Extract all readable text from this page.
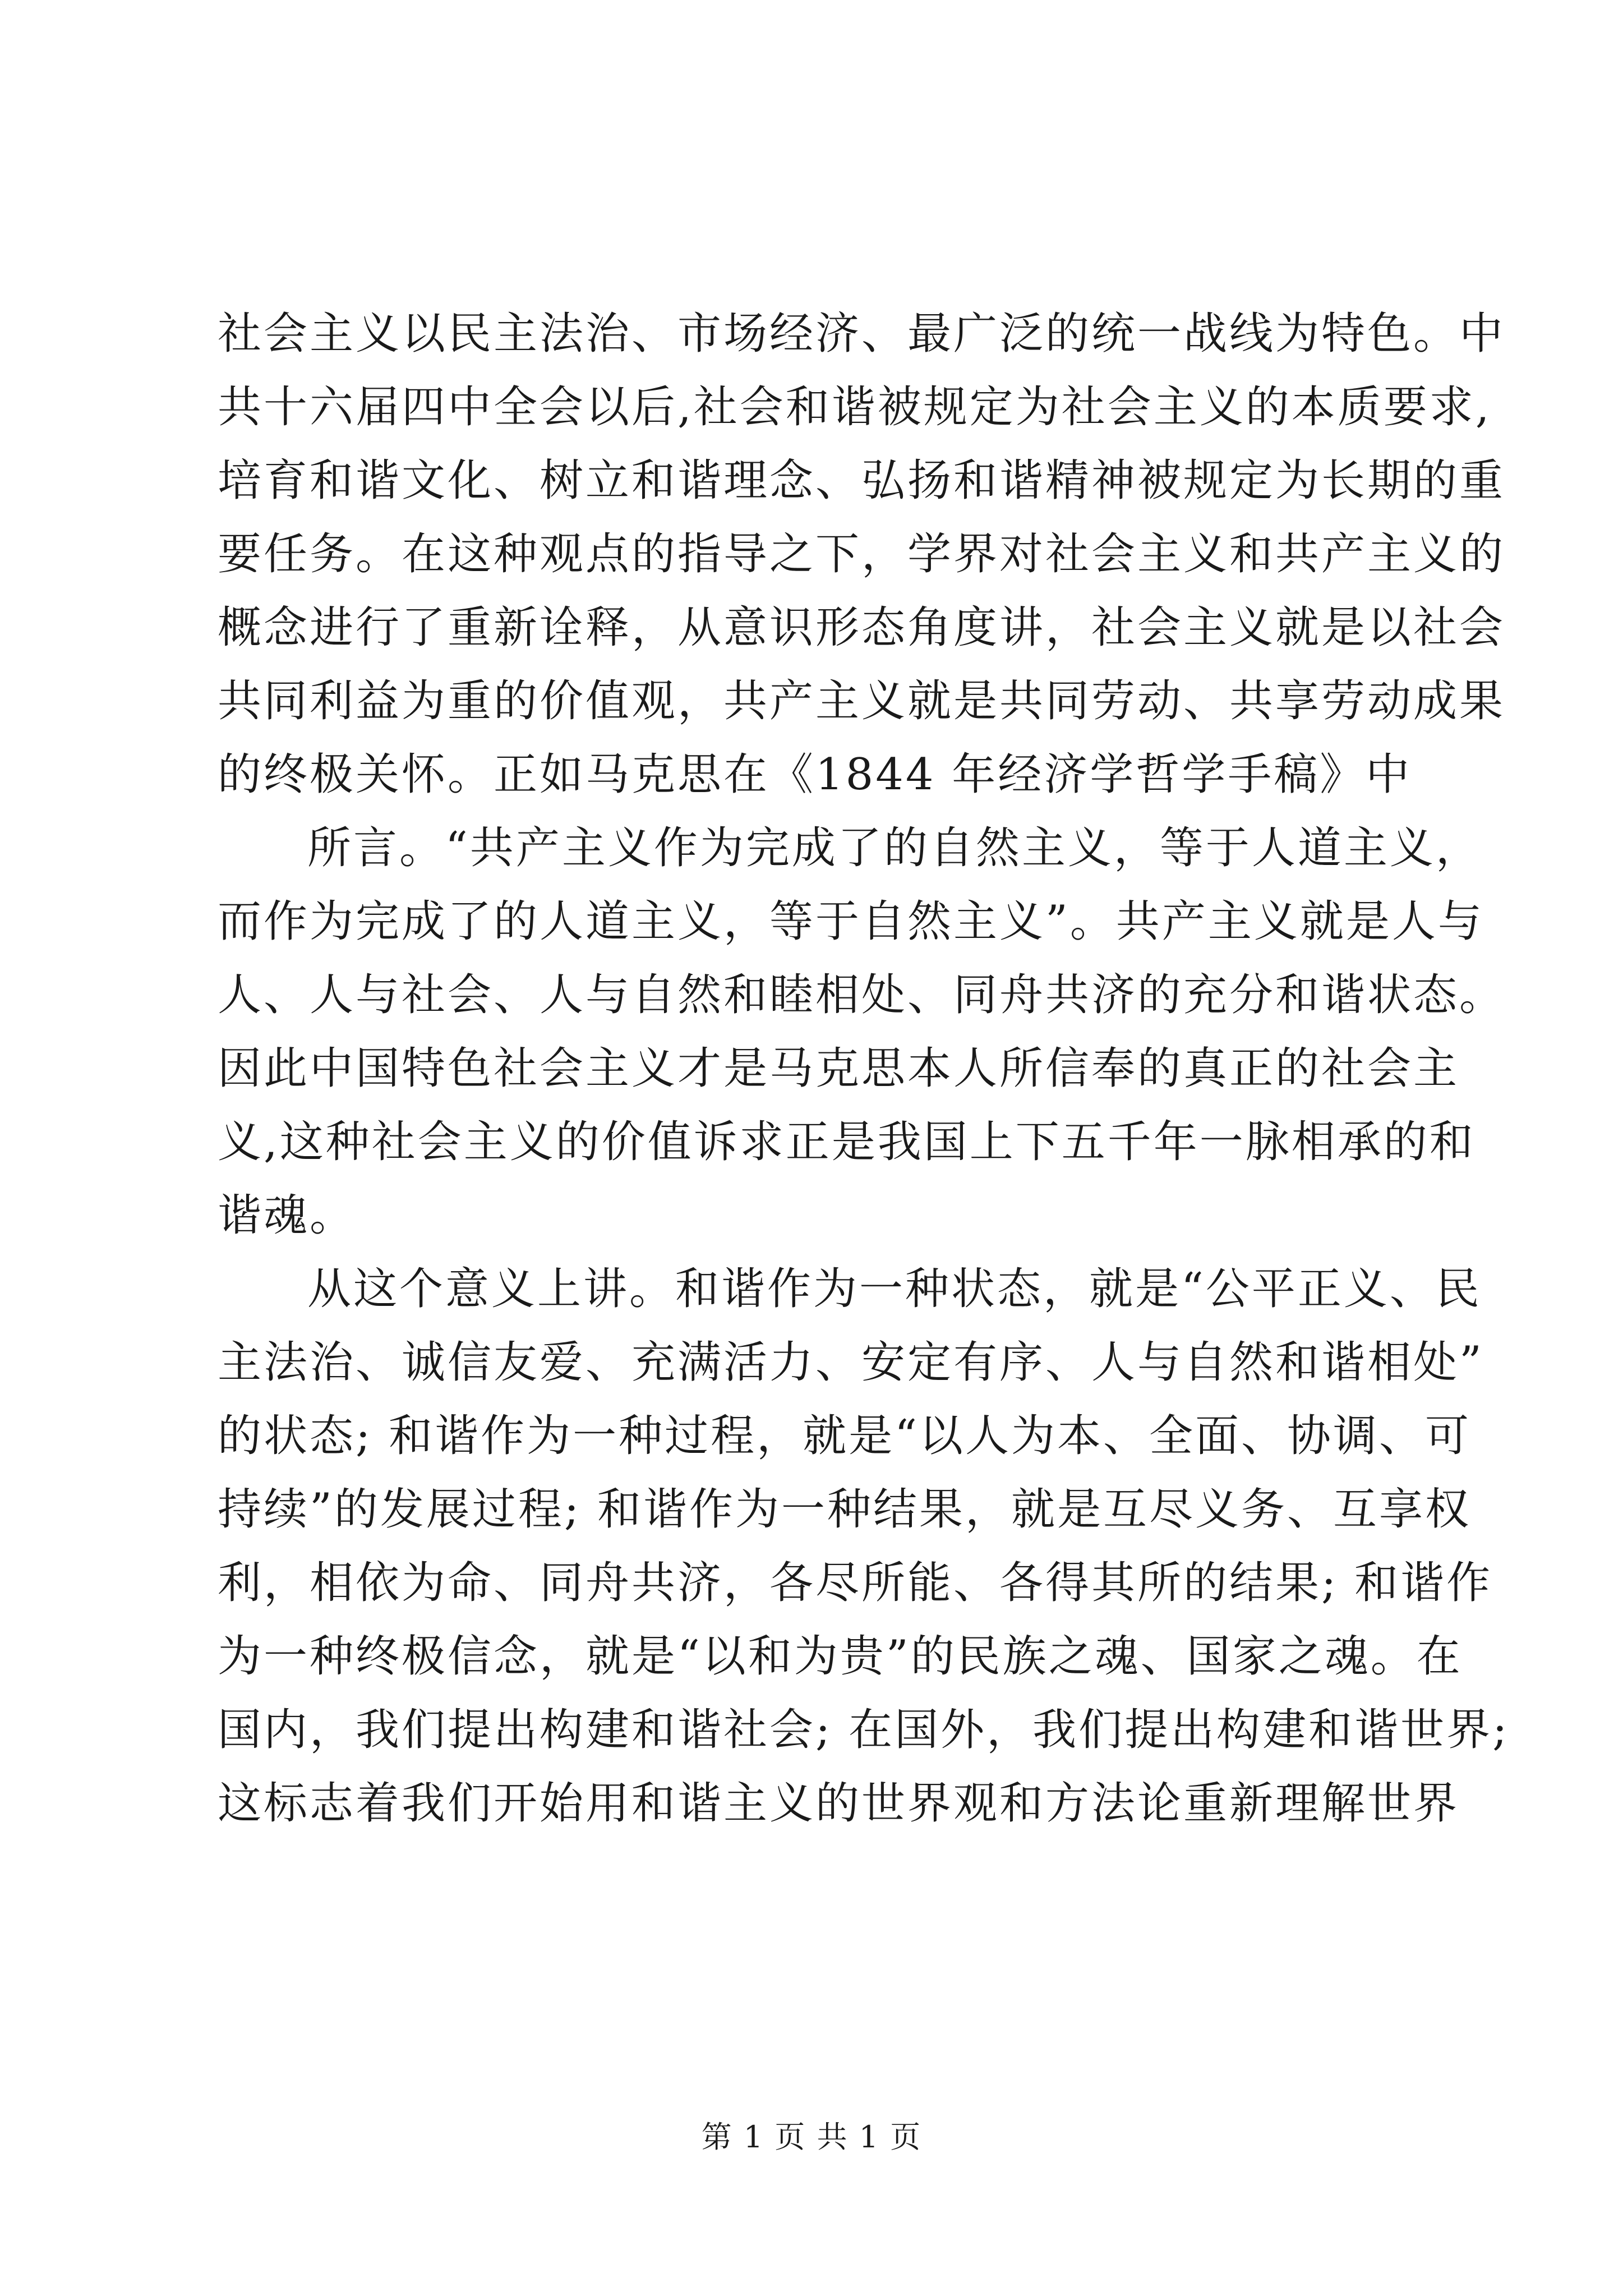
社会主义以民主法治、市场经济、最广泛的统一战线为特色。中
共十六届四中全会以后,社会和谐被规定为社会主义的本质要求,
培育和谐文化、树立和谐理念、弘扬和谐精神被规定为长期的重
要任务。在这种观点的指导之下，学界对社会主义和共产主义的
概念进行了重新诠释，从意识形态角度讲，社会主义就是以社会
共同利益为重的价值观，共产主义就是共同劳动、共享劳动成果
的终极关怀。正如马克思在《1844 年经济学哲学手稿》中
所言。“共产主义作为完成了的自然主义，等于人道主义，
而作为完成了的人道主义，等于自然主义”。共产主义就是人与
人、人与社会、人与自然和睦相处、同舟共济的充分和谐状态。
因此中国特色社会主义才是马克思本人所信奉的真正的社会主
义,这种社会主义的价值诉求正是我国上下五千年一脉相承的和
谐魂。
从这个意义上讲。和谐作为一种状态，就是“公平正义、民
主法治、诚信友爱、充满活力、安定有序、人与自然和谐相处”
的状态; 和谐作为一种过程，就是“以人为本、全面、协调、可
持续”的发展过程; 和谐作为一种结果，就是互尽义务、互享权
利，相依为命、同舟共济，各尽所能、各得其所的结果; 和谐作
为一种终极信念，就是“以和为贵”的民族之魂、国家之魂。在
国内，我们提出构建和谐社会; 在国外，我们提出构建和谐世界;
这标志着我们开始用和谐主义的世界观和方法论重新理解世界
第 1 页 共 1 页
